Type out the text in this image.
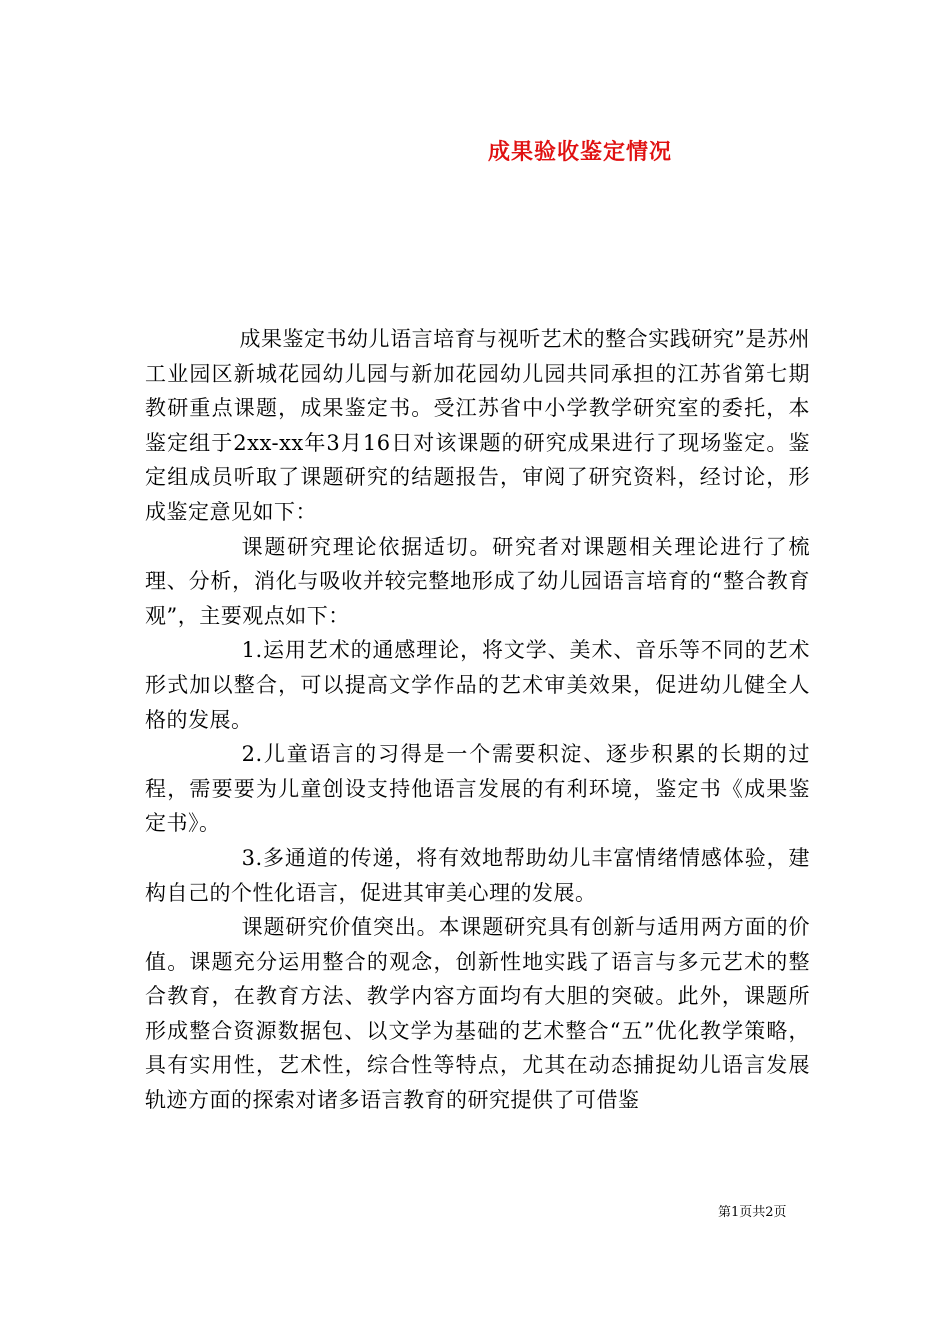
成果验收鉴定情况

成果鉴定书幼儿语言培育与视听艺术的整合实践研究”是苏州工业园区新城花园幼儿园与新加花园幼儿园共同承担的江苏省第七期教研重点课题，成果鉴定书。受江苏省中小学教学研究室的委托，本鉴定组于2xx-xx年3月16日对该课题的研究成果进行了现场鉴定。鉴定组成员听取了课题研究的结题报告，审阅了研究资料，经讨论，形成鉴定意见如下：

课题研究理论依据适切。研究者对课题相关理论进行了梳理、分析，消化与吸收并较完整地形成了幼儿园语言培育的“整合教育观”，主要观点如下：

1.运用艺术的通感理论，将文学、美术、音乐等不同的艺术形式加以整合，可以提高文学作品的艺术审美效果，促进幼儿健全人格的发展。

2.儿童语言的习得是一个需要积淀、逐步积累的长期的过程，需要要为儿童创设支持他语言发展的有利环境，鉴定书《成果鉴定书》。

3.多通道的传递，将有效地帮助幼儿丰富情绪情感体验，建构自己的个性化语言，促进其审美心理的发展。

课题研究价值突出。本课题研究具有创新与适用两方面的价值。课题充分运用整合的观念，创新性地实践了语言与多元艺术的整合教育，在教育方法、教学内容方面均有大胆的突破。此外，课题所形成整合资源数据包、以文学为基础的艺术整合“五”优化教学策略，具有实用性，艺术性，综合性等特点，尤其在动态捕捉幼儿语言发展轨迹方面的探索对诸多语言教育的研究提供了可借鉴

第1页共2页
